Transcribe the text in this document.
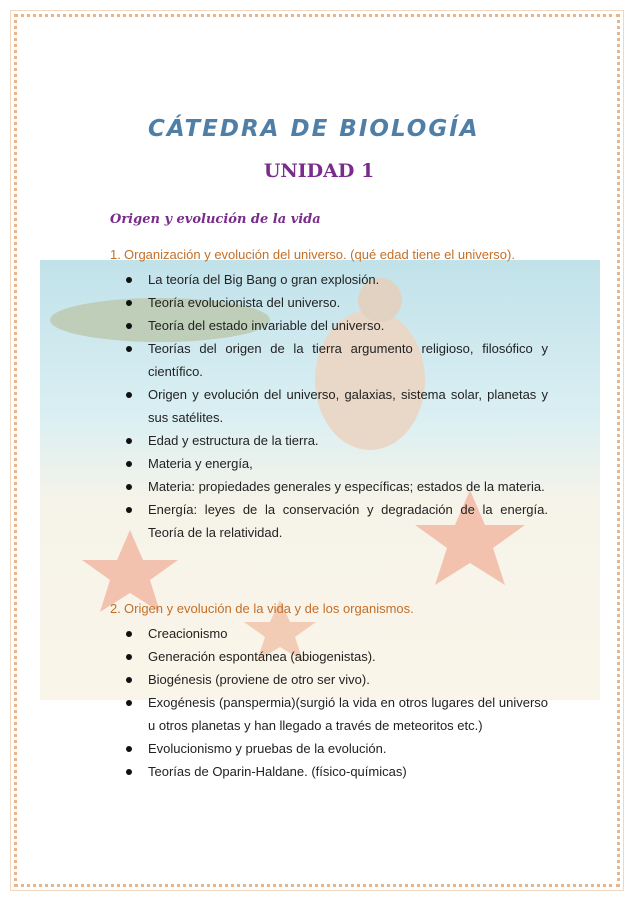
CÁTEDRA DE BIOLOGÍA
UNIDAD 1
Origen y evolución de la vida
1. Organización y evolución del universo. (qué edad tiene el universo).
La teoría del Big Bang o gran explosión.
Teoría evolucionista del universo.
Teoría del estado invariable del universo.
Teorías del origen de la tierra argumento religioso, filosófico y científico.
Origen y evolución del universo, galaxias, sistema solar, planetas y sus satélites.
Edad y estructura de la tierra.
Materia y energía,
Materia: propiedades generales y específicas; estados de la materia.
Energía: leyes de la conservación y degradación de la energía. Teoría de la relatividad.
2. Origen y evolución de la vida y de los organismos.
Creacionismo
Generación espontánea (abiogenistas).
Biogénesis (proviene de otro ser vivo).
Exogénesis (panspermia)(surgió la vida en otros lugares del universo u otros planetas y han llegado a través de meteoritos etc.)
Evolucionismo y pruebas de la evolución.
Teorías de Oparin-Haldane. (físico-químicas)
